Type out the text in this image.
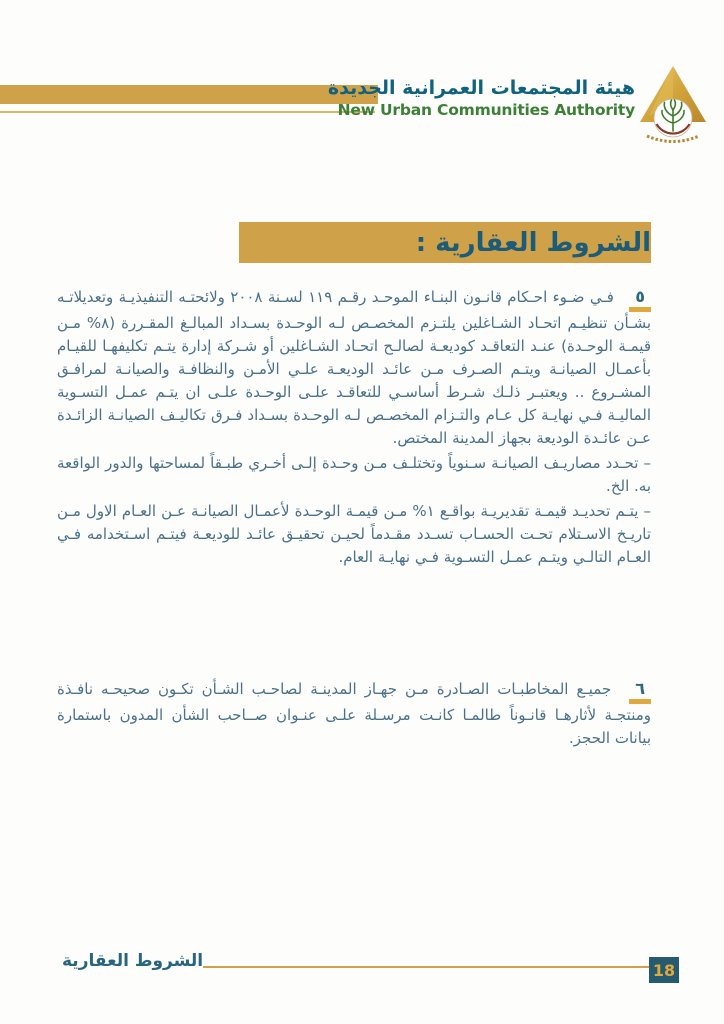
هيئة المجتمعات العمرانية الجديدة
New Urban Communities Authority
الشروط العقارية :

٥ فـي ضـوء احـكام قانـون البنـاء الموحـد رقـم ١١٩ لسـنة ٢٠٠٨ ولائحتـه التنفيذيـة وتعديلاتـه بشـأن تنظيـم اتحـاد الشـاغلين يلتـزم المخصـص لـه الوحـدة بسـداد المبالـغ المقـررة (٨% مـن قيمـة الوحـدة) عنـد التعاقـد كوديعـة لصالـح اتحـاد الشـاغلين أو شـركة إدارة يتـم تكليفهـا للقيـام بأعمـال الصيانـة ويتـم الصـرف مـن عائـد الوديعـة علـي الأمـن والنظافـة والصيانـة لمرافـق المشـروع .. ويعتبـر ذلـك شـرط أساسـي للتعاقـد علـى الوحـدة علـى ان يتـم عمـل التسـوية الماليـة فـي نهايـة كل عـام والتـزام المخصـص لـه الوحـدة بسـداد فـرق تكاليـف الصيانـة الزائـدة عـن عائـدة الوديعة بجهاز المدينة المختص.

– تحـدد مصاريـف الصيانـة سـنوياً وتختلـف مـن وحـدة إلـى أخـري طبـقاً لمساحتها والدور الواقعة به. الخ.

– يتـم تحديـد قيمـة تقديريـة بواقـع ١% مـن قيمـة الوحـدة لأعمـال الصيانـة عـن العـام الاول مـن تاريـخ الاسـتلام تحـت الحسـاب تسـدد مقـدماً لحيـن تحقيـق عائـد للوديعـة فيتـم اسـتخدامه فـي العـام التالـي ويتـم عمـل التسـوية فـي نهايـة العام.

٦ جميـع المخاطبـات الصـادرة مـن جهـاز المدينـة لصاحـب الشـأن تكـون صحيحـه نافـذة ومنتجـة لأثارهـا قانـوناً طالمـا كانـت مرسـلة علـى عنـوان صــاحب الشأن المدون باستمارة بيانات الحجز.

الشروط العقارية	18
